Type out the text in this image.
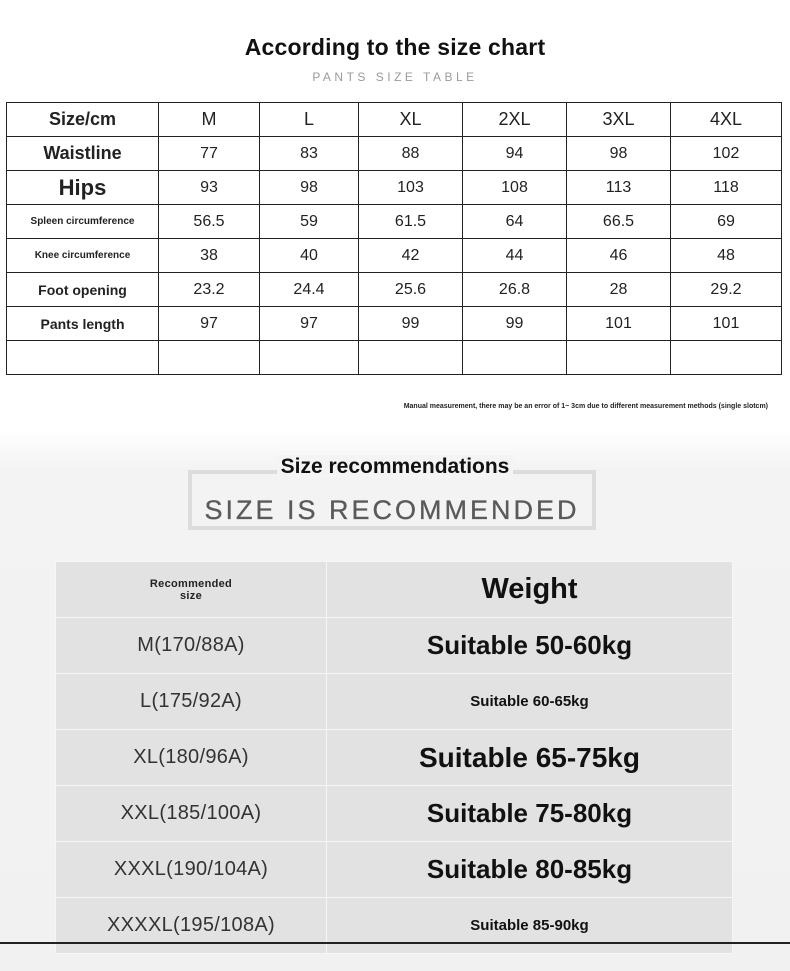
According to the size chart
PANTS SIZE TABLE
Size/cm	M	L	XL	2XL	3XL	4XL
Waistline	77	83	88	94	98	102
Hips	93	98	103	108	113	118
Spleen circumference	56.5	59	61.5	64	66.5	69
Knee circumference	38	40	42	44	46	48
Foot opening	23.2	24.4	25.6	26.8	28	29.2
Pants length	97	97	99	99	101	101

Manual measurement, there may be an error of 1~ 3cm due to different measurement methods (single slotcm)
Size recommendations
SIZE IS RECOMMENDED
Recommended size	Weight
M(170/88A)	Suitable 50-60kg
L(175/92A)	Suitable 60-65kg
XL(180/96A)	Suitable 65-75kg
XXL(185/100A)	Suitable 75-80kg
XXXL(190/104A)	Suitable 80-85kg
XXXXL(195/108A)	Suitable 85-90kg
